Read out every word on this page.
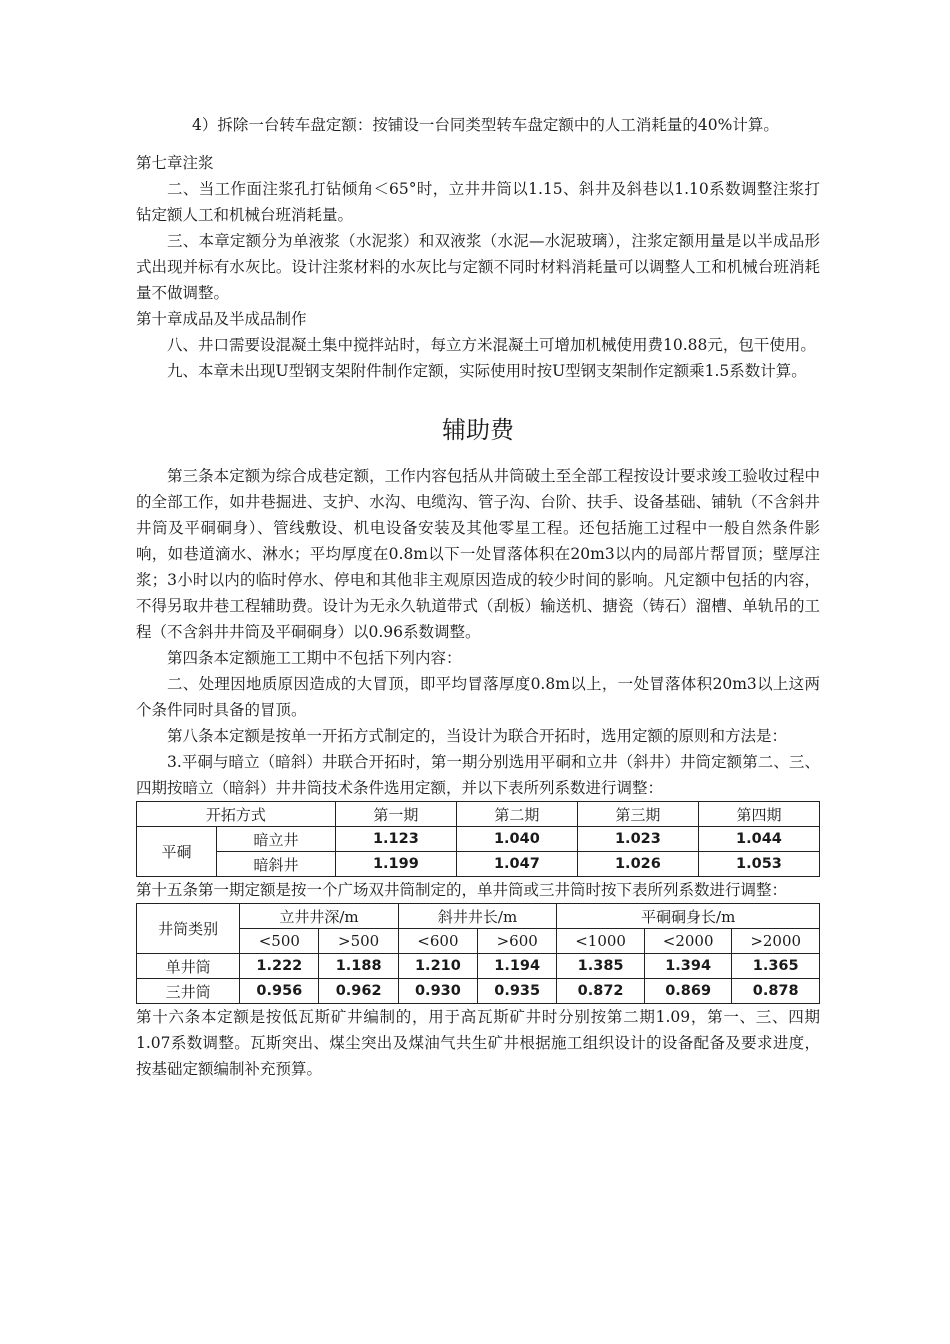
4）拆除一台转车盘定额：按铺设一台同类型转车盘定额中的人工消耗量的40%计算。

第七章注浆

二、当工作面注浆孔打钻倾角＜65°时，立井井筒以1.15、斜井及斜巷以1.10系数调整注浆打钻定额人工和机械台班消耗量。

三、本章定额分为单液浆（水泥浆）和双液浆（水泥—水泥玻璃），注浆定额用量是以半成品形式出现并标有水灰比。设计注浆材料的水灰比与定额不同时材料消耗量可以调整人工和机械台班消耗量不做调整。

第十章成品及半成品制作

八、井口需要设混凝土集中搅拌站时，每立方米混凝土可增加机械使用费10.88元，包干使用。

九、本章未出现U型钢支架附件制作定额，实际使用时按U型钢支架制作定额乘1.5系数计算。

辅助费

第三条本定额为综合成巷定额，工作内容包括从井筒破土至全部工程按设计要求竣工验收过程中的全部工作，如井巷掘进、支护、水沟、电缆沟、管子沟、台阶、扶手、设备基础、铺轨（不含斜井井筒及平硐硐身）、管线敷设、机电设备安装及其他零星工程。还包括施工过程中一般自然条件影响，如巷道滴水、淋水；平均厚度在0.8m以下一处冒落体积在20m3以内的局部片帮冒顶；壁厚注浆；3小时以内的临时停水、停电和其他非主观原因造成的较少时间的影响。凡定额中包括的内容，不得另取井巷工程辅助费。设计为无永久轨道带式（刮板）输送机、搪瓷（铸石）溜槽、单轨吊的工程（不含斜井井筒及平硐硐身）以0.96系数调整。

第四条本定额施工工期中不包括下列内容：

二、处理因地质原因造成的大冒顶，即平均冒落厚度0.8m以上，一处冒落体积20m3以上这两个条件同时具备的冒顶。

第八条本定额是按单一开拓方式制定的，当设计为联合开拓时，选用定额的原则和方法是：

3.平硐与暗立（暗斜）井联合开拓时，第一期分别选用平硐和立井（斜井）井筒定额第二、三、四期按暗立（暗斜）井井筒技术条件选用定额，并以下表所列系数进行调整：

开拓方式		第一期	第二期	第三期	第四期
平硐	暗立井	1.123	1.040	1.023	1.044
	暗斜井	1.199	1.047	1.026	1.053

第十五条第一期定额是按一个广场双井筒制定的，单井筒或三井筒时按下表所列系数进行调整：

井筒类别	立井井深/m		斜井井长/m		平硐硐身长/m		
	<500	>500	<600	>600	<1000	<2000	>2000
单井筒	1.222	1.188	1.210	1.194	1.385	1.394	1.365
三井筒	0.956	0.962	0.930	0.935	0.872	0.869	0.878

第十六条本定额是按低瓦斯矿井编制的，用于高瓦斯矿井时分别按第二期1.09，第一、三、四期1.07系数调整。瓦斯突出、煤尘突出及煤油气共生矿井根据施工组织设计的设备配备及要求进度，按基础定额编制补充预算。
